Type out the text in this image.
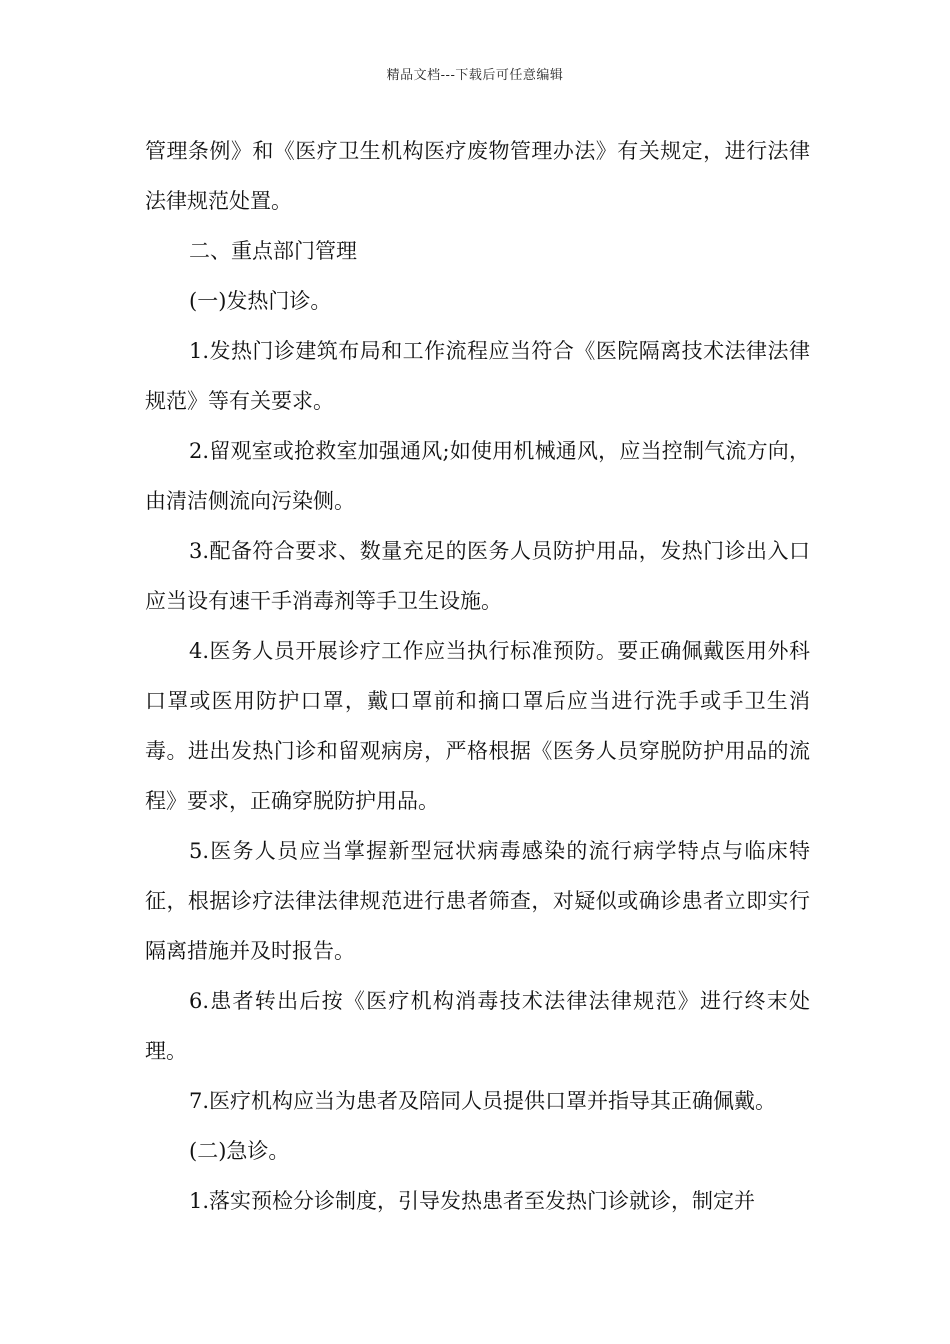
精品文档---下载后可任意编辑

管理条例》和《医疗卫生机构医疗废物管理办法》有关规定，进行法律法律规范处置。

二、重点部门管理

(一)发热门诊。

1.发热门诊建筑布局和工作流程应当符合《医院隔离技术法律法律规范》等有关要求。

2.留观室或抢救室加强通风;如使用机械通风，应当控制气流方向，由清洁侧流向污染侧。

3.配备符合要求、数量充足的医务人员防护用品，发热门诊出入口应当设有速干手消毒剂等手卫生设施。

4.医务人员开展诊疗工作应当执行标准预防。要正确佩戴医用外科口罩或医用防护口罩，戴口罩前和摘口罩后应当进行洗手或手卫生消毒。进出发热门诊和留观病房，严格根据《医务人员穿脱防护用品的流程》要求，正确穿脱防护用品。

5.医务人员应当掌握新型冠状病毒感染的流行病学特点与临床特征，根据诊疗法律法律规范进行患者筛查，对疑似或确诊患者立即实行隔离措施并及时报告。

6.患者转出后按《医疗机构消毒技术法律法律规范》进行终末处理。

7.医疗机构应当为患者及陪同人员提供口罩并指导其正确佩戴。

(二)急诊。

1.落实预检分诊制度，引导发热患者至发热门诊就诊，制定并
